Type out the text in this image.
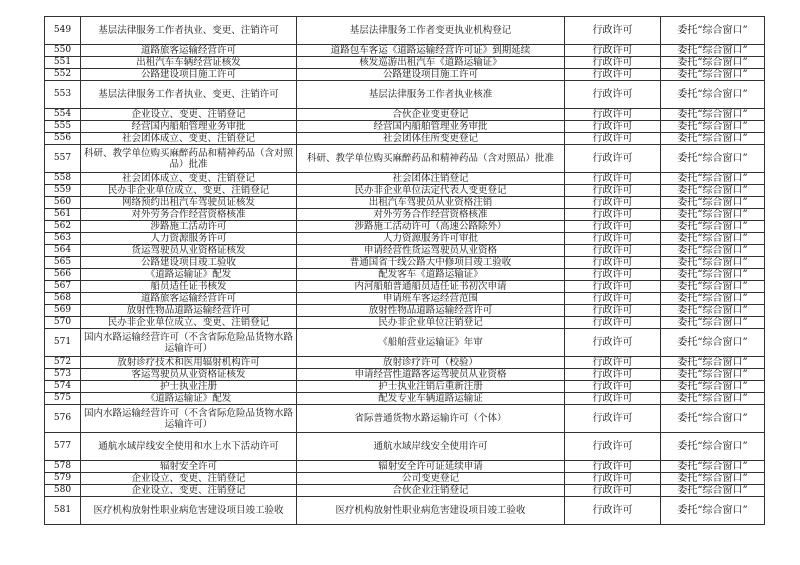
549	基层法律服务工作者执业、变更、注销许可	基层法律服务工作者变更执业机构登记	行政许可	委托“综合窗口”
550	道路旅客运输经营许可	道路包车客运《道路运输经营许可证》到期延续	行政许可	委托“综合窗口”
551	出租汽车车辆经营证核发	核发巡游出租汽车《道路运输证》	行政许可	委托“综合窗口”
552	公路建设项目施工许可	公路建设项目施工许可	行政许可	委托“综合窗口”
553	基层法律服务工作者执业、变更、注销许可	基层法律服务工作者执业核准	行政许可	委托“综合窗口”
554	企业设立、变更、注销登记	合伙企业变更登记	行政许可	委托“综合窗口”
555	经营国内船舶管理业务审批	经营国内船舶管理业务审批	行政许可	委托“综合窗口”
556	社会团体成立、变更、注销登记	社会团体住所变更登记	行政许可	委托“综合窗口”
557	科研、教学单位购买麻醉药品和精神药品（含对照品）批准	科研、教学单位购买麻醉药品和精神药品（含对照品）批准	行政许可	委托“综合窗口”
558	社会团体成立、变更、注销登记	社会团体注销登记	行政许可	委托“综合窗口”
559	民办非企业单位成立、变更、注销登记	民办非企业单位法定代表人变更登记	行政许可	委托“综合窗口”
560	网络预约出租汽车驾驶员证核发	出租汽车驾驶员从业资格注销	行政许可	委托“综合窗口”
561	对外劳务合作经营资格核准	对外劳务合作经营资格核准	行政许可	委托“综合窗口”
562	涉路施工活动许可	涉路施工活动许可（高速公路除外）	行政许可	委托“综合窗口”
563	人力资源服务许可	人力资源服务许可审批	行政许可	委托“综合窗口”
564	货运驾驶员从业资格证核发	申请经营性货运驾驶员从业资格	行政许可	委托“综合窗口”
565	公路建设项目竣工验收	普通国省干线公路大中修项目竣工验收	行政许可	委托“综合窗口”
566	《道路运输证》配发	配发客车《道路运输证》	行政许可	委托“综合窗口”
567	船员适任证书核发	内河船舶普通船员适任证书初次申请	行政许可	委托“综合窗口”
568	道路旅客运输经营许可	申请班车客运经营范围	行政许可	委托“综合窗口”
569	放射性物品道路运输经营许可	放射性物品道路运输经营许可	行政许可	委托“综合窗口”
570	民办非企业单位成立、变更、注销登记	民办非企业单位注销登记	行政许可	委托“综合窗口”
571	国内水路运输经营许可（不含省际危险品货物水路运输许可）	《船舶营业运输证》年审	行政许可	委托“综合窗口”
572	放射诊疗技术和医用辐射机构许可	放射诊疗许可（校验）	行政许可	委托“综合窗口”
573	客运驾驶员从业资格证核发	申请经营性道路客运驾驶员从业资格	行政许可	委托“综合窗口”
574	护士执业注册	护士执业注销后重新注册	行政许可	委托“综合窗口”
575	《道路运输证》配发	配发专业车辆道路运输证	行政许可	委托“综合窗口”
576	国内水路运输经营许可（不含省际危险品货物水路运输许可）	省际普通货物水路运输许可（个体）	行政许可	委托“综合窗口”
577	通航水域岸线安全使用和水上水下活动许可	通航水域岸线安全使用许可	行政许可	委托“综合窗口”
578	辐射安全许可	辐射安全许可证延续申请	行政许可	委托“综合窗口”
579	企业设立、变更、注销登记	公司变更登记	行政许可	委托“综合窗口”
580	企业设立、变更、注销登记	合伙企业注销登记	行政许可	委托“综合窗口”
581	医疗机构放射性职业病危害建设项目竣工验收	医疗机构放射性职业病危害建设项目竣工验收	行政许可	委托“综合窗口”
